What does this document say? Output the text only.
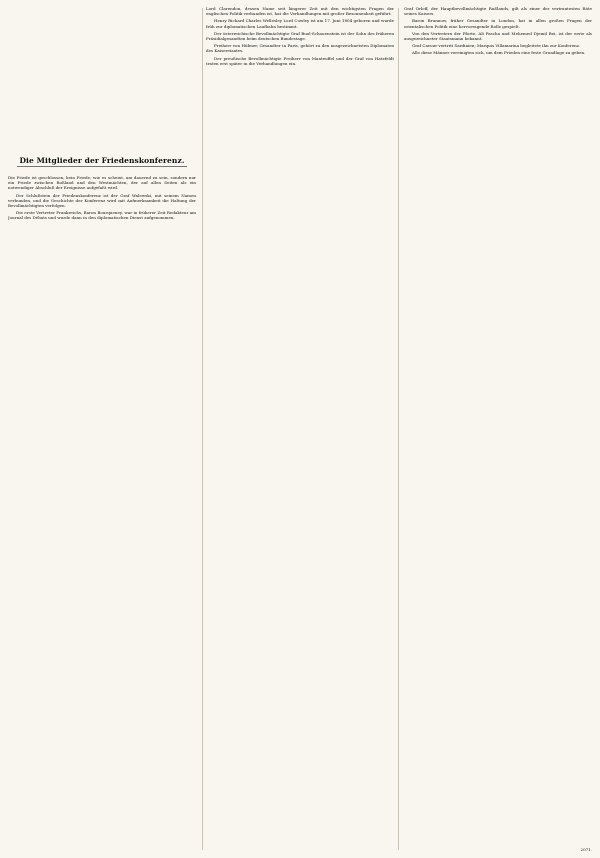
Die Mitglieder der Friedenskonferenz.

Die Friede ist geschlossen, kein Friede, wie es scheint, um dauernd zu sein, sondern nur ein Friede zwischen Rußland und den Westmächten, der auf allen Seiten als ein notwendiger Abschluß der Ereignisse aufgefaßt wird.

Der Schlußstein der Friedenskonferenz ist der Graf Walewski, mit seinem Namen verbunden, und die Geschichte der Konferenz wird mit Aufmerksamkeit die Haltung der Bevollmächtigten verfolgen.

Die erste Vertreter Frankreichs, Baron Bourqueney, war in früherer Zeit Redakteur am Journal des Débats und wurde dann in den diplomatischen Dienst aufgenommen.

Lord Clarendon, dessen Name seit längerer Zeit mit den wichtigsten Fragen der englischen Politik verbunden ist, hat die Verhandlungen mit großer Besonnenheit geführt.

Henry Richard Charles Wellesley Lord Cowley ist am 17. Juni 1804 geboren und wurde früh zur diplomatischen Laufbahn bestimmt.

Der österreichische Bevollmächtigte Graf Buol-Schauenstein ist der Sohn des früheren Präsidialgesandten beim deutschen Bundestage.

Freiherr von Hübner, Gesandter in Paris, gehört zu den ausgezeichnetsten Diplomaten des Kaiserstaates.

Der preußische Bevollmächtigte Freiherr von Manteuffel und der Graf von Hatzfeldt traten erst später in die Verhandlungen ein.

Graf Orloff, der Hauptbevollmächtigte Rußlands, gilt als einer der vertrautesten Räte seines Kaisers.

Baron Brunnow, früher Gesandter in London, hat in allen großen Fragen der orientalischen Politik eine hervorragende Rolle gespielt.

Von den Vertretern der Pforte, Ali Pascha und Mehemed Djemil Bei, ist der erste als ausgezeichneter Staatsmann bekannt.

Graf Cavour vertritt Sardinien; Marquis Villamarina begleitete ihn zur Konferenz.

Alle diese Männer vereinigten sich, um dem Frieden eine feste Grundlage zu geben.

2071.
